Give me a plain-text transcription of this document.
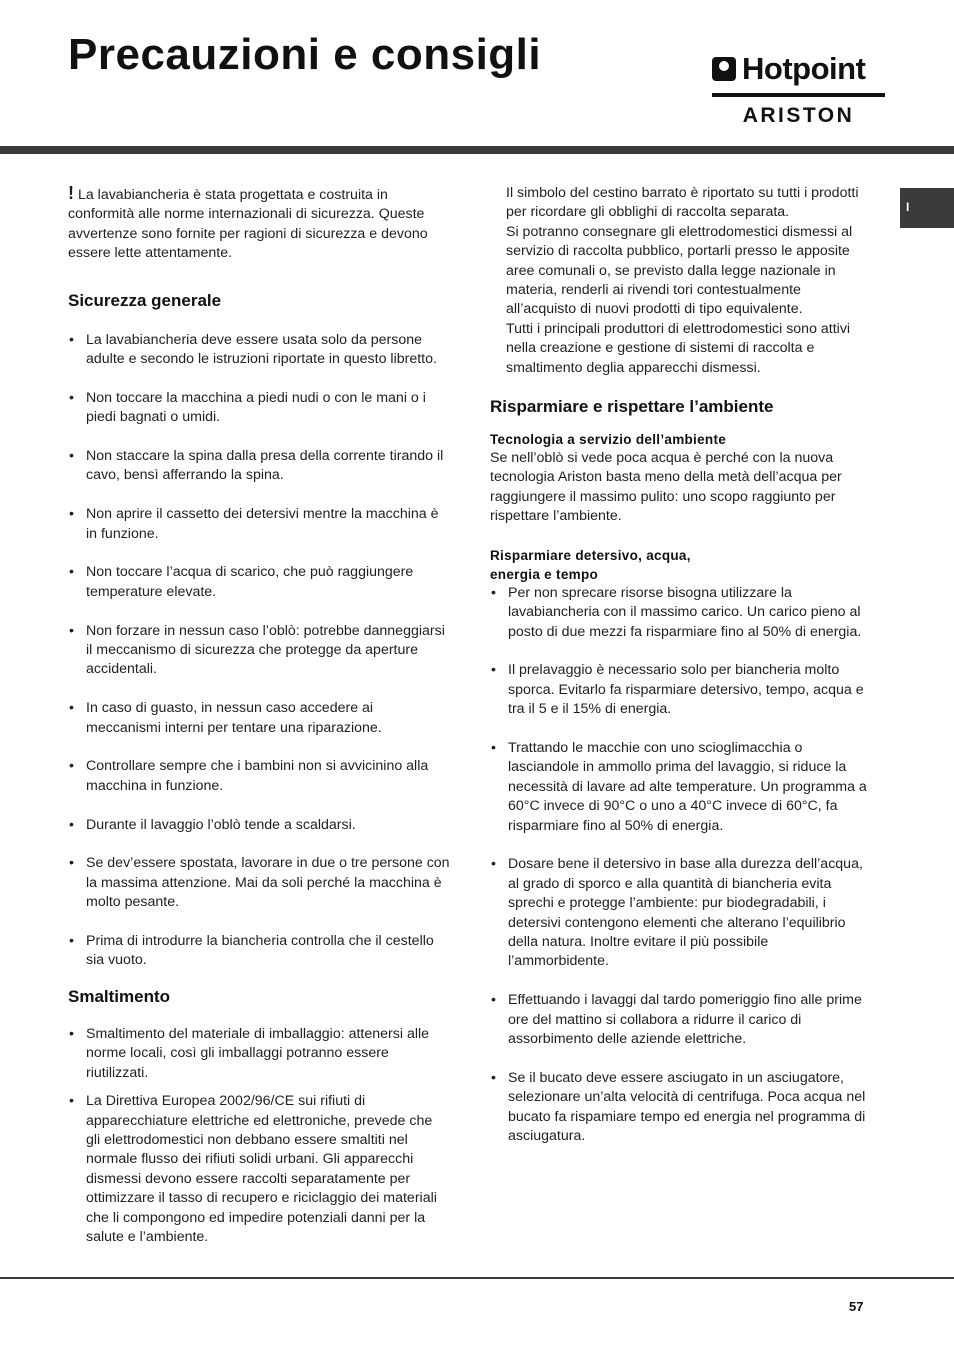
Precauzioni e consigli	Hotpoint
ARISTON
I

! La lavabiancheria è stata progettata e costruita in conformità alle norme internazionali di sicurezza. Queste avvertenze sono fornite per ragioni di sicurezza e devono essere lette attentamente.

Sicurezza generale
• La lavabiancheria deve essere usata solo da persone adulte e secondo le istruzioni riportate in questo libretto.
• Non toccare la macchina a piedi nudi o con le mani o i piedi bagnati o umidi.
• Non staccare la spina dalla presa della corrente tirando il cavo, bensì afferrando la spina.
• Non aprire il cassetto dei detersivi mentre la macchina è in funzione.
• Non toccare l’acqua di scarico, che può raggiungere temperature elevate.
• Non forzare in nessun caso l’oblò: potrebbe danneggiarsi il meccanismo di sicurezza che protegge da aperture accidentali.
• In caso di guasto, in nessun caso accedere ai meccanismi interni per tentare una riparazione.
• Controllare sempre che i bambini non si avvicinino alla macchina in funzione.
• Durante il lavaggio l’oblò tende a scaldarsi.
• Se dev’essere spostata, lavorare in due o tre persone con la massima attenzione. Mai da soli perché la macchina è molto pesante.
• Prima di introdurre la biancheria controlla che il cestello sia vuoto.
Smaltimento
• Smaltimento del materiale di imballaggio: attenersi alle norme locali, così gli imballaggi potranno essere riutilizzati.
• La Direttiva Europea 2002/96/CE sui rifiuti di apparecchiature elettriche ed elettroniche, prevede che gli elettrodomestici non debbano essere smaltiti nel normale flusso dei rifiuti solidi urbani. Gli apparecchi dismessi devono essere raccolti separatamente per ottimizzare il tasso di recupero e riciclaggio dei materiali che li compongono ed impedire potenziali danni per la salute e l’ambiente.

Il simbolo del cestino barrato è riportato su tutti i prodotti per ricordare gli obblighi di raccolta separata.

Si potranno consegnare gli elettrodomestici dismessi al servizio di raccolta pubblico, portarli presso le apposite aree comunali o, se previsto dalla legge nazionale in materia, renderli ai rivendi tori contestualmente all’acquisto di nuovi prodotti di tipo equivalente.

Tutti i principali produttori di elettrodomestici sono attivi nella creazione e gestione di sistemi di raccolta e smaltimento deglia apparecchi dismessi.

Risparmiare e rispettare l’ambiente
Tecnologia a servizio dell’ambiente

Se nell’oblò si vede poca acqua è perché con la nuova tecnologia Ariston basta meno della metà dell’acqua per raggiungere il massimo pulito: uno scopo raggiunto per rispettare l’ambiente.

Risparmiare detersivo, acqua,
energia e tempo
• Per non sprecare risorse bisogna utilizzare la lavabiancheria con il massimo carico. Un carico pieno al posto di due mezzi fa risparmiare fino al 50% di energia.
• Il prelavaggio è necessario solo per biancheria molto sporca. Evitarlo fa risparmiare detersivo, tempo, acqua e tra il 5 e il 15% di energia.
• Trattando le macchie con uno scioglimacchia o lasciandole in ammollo prima del lavaggio, si riduce la necessità di lavare ad alte temperature. Un programma a 60°C invece di 90°C o uno a 40°C invece di 60°C, fa risparmiare fino al 50% di energia.
• Dosare bene il detersivo in base alla durezza dell’acqua, al grado di sporco e alla quantità di biancheria evita sprechi e protegge l’ambiente: pur biodegradabili, i detersivi contengono elementi che alterano l’equilibrio della natura. Inoltre evitare il più possibile l’ammorbidente.
• Effettuando i lavaggi dal tardo pomeriggio fino alle prime ore del mattino si collabora a ridurre il carico di assorbimento delle aziende elettriche.
• Se il bucato deve essere asciugato in un asciugatore, selezionare un’alta velocità di centrifuga. Poca acqua nel bucato fa rispamiare tempo ed energia nel programma di asciugatura.
57
